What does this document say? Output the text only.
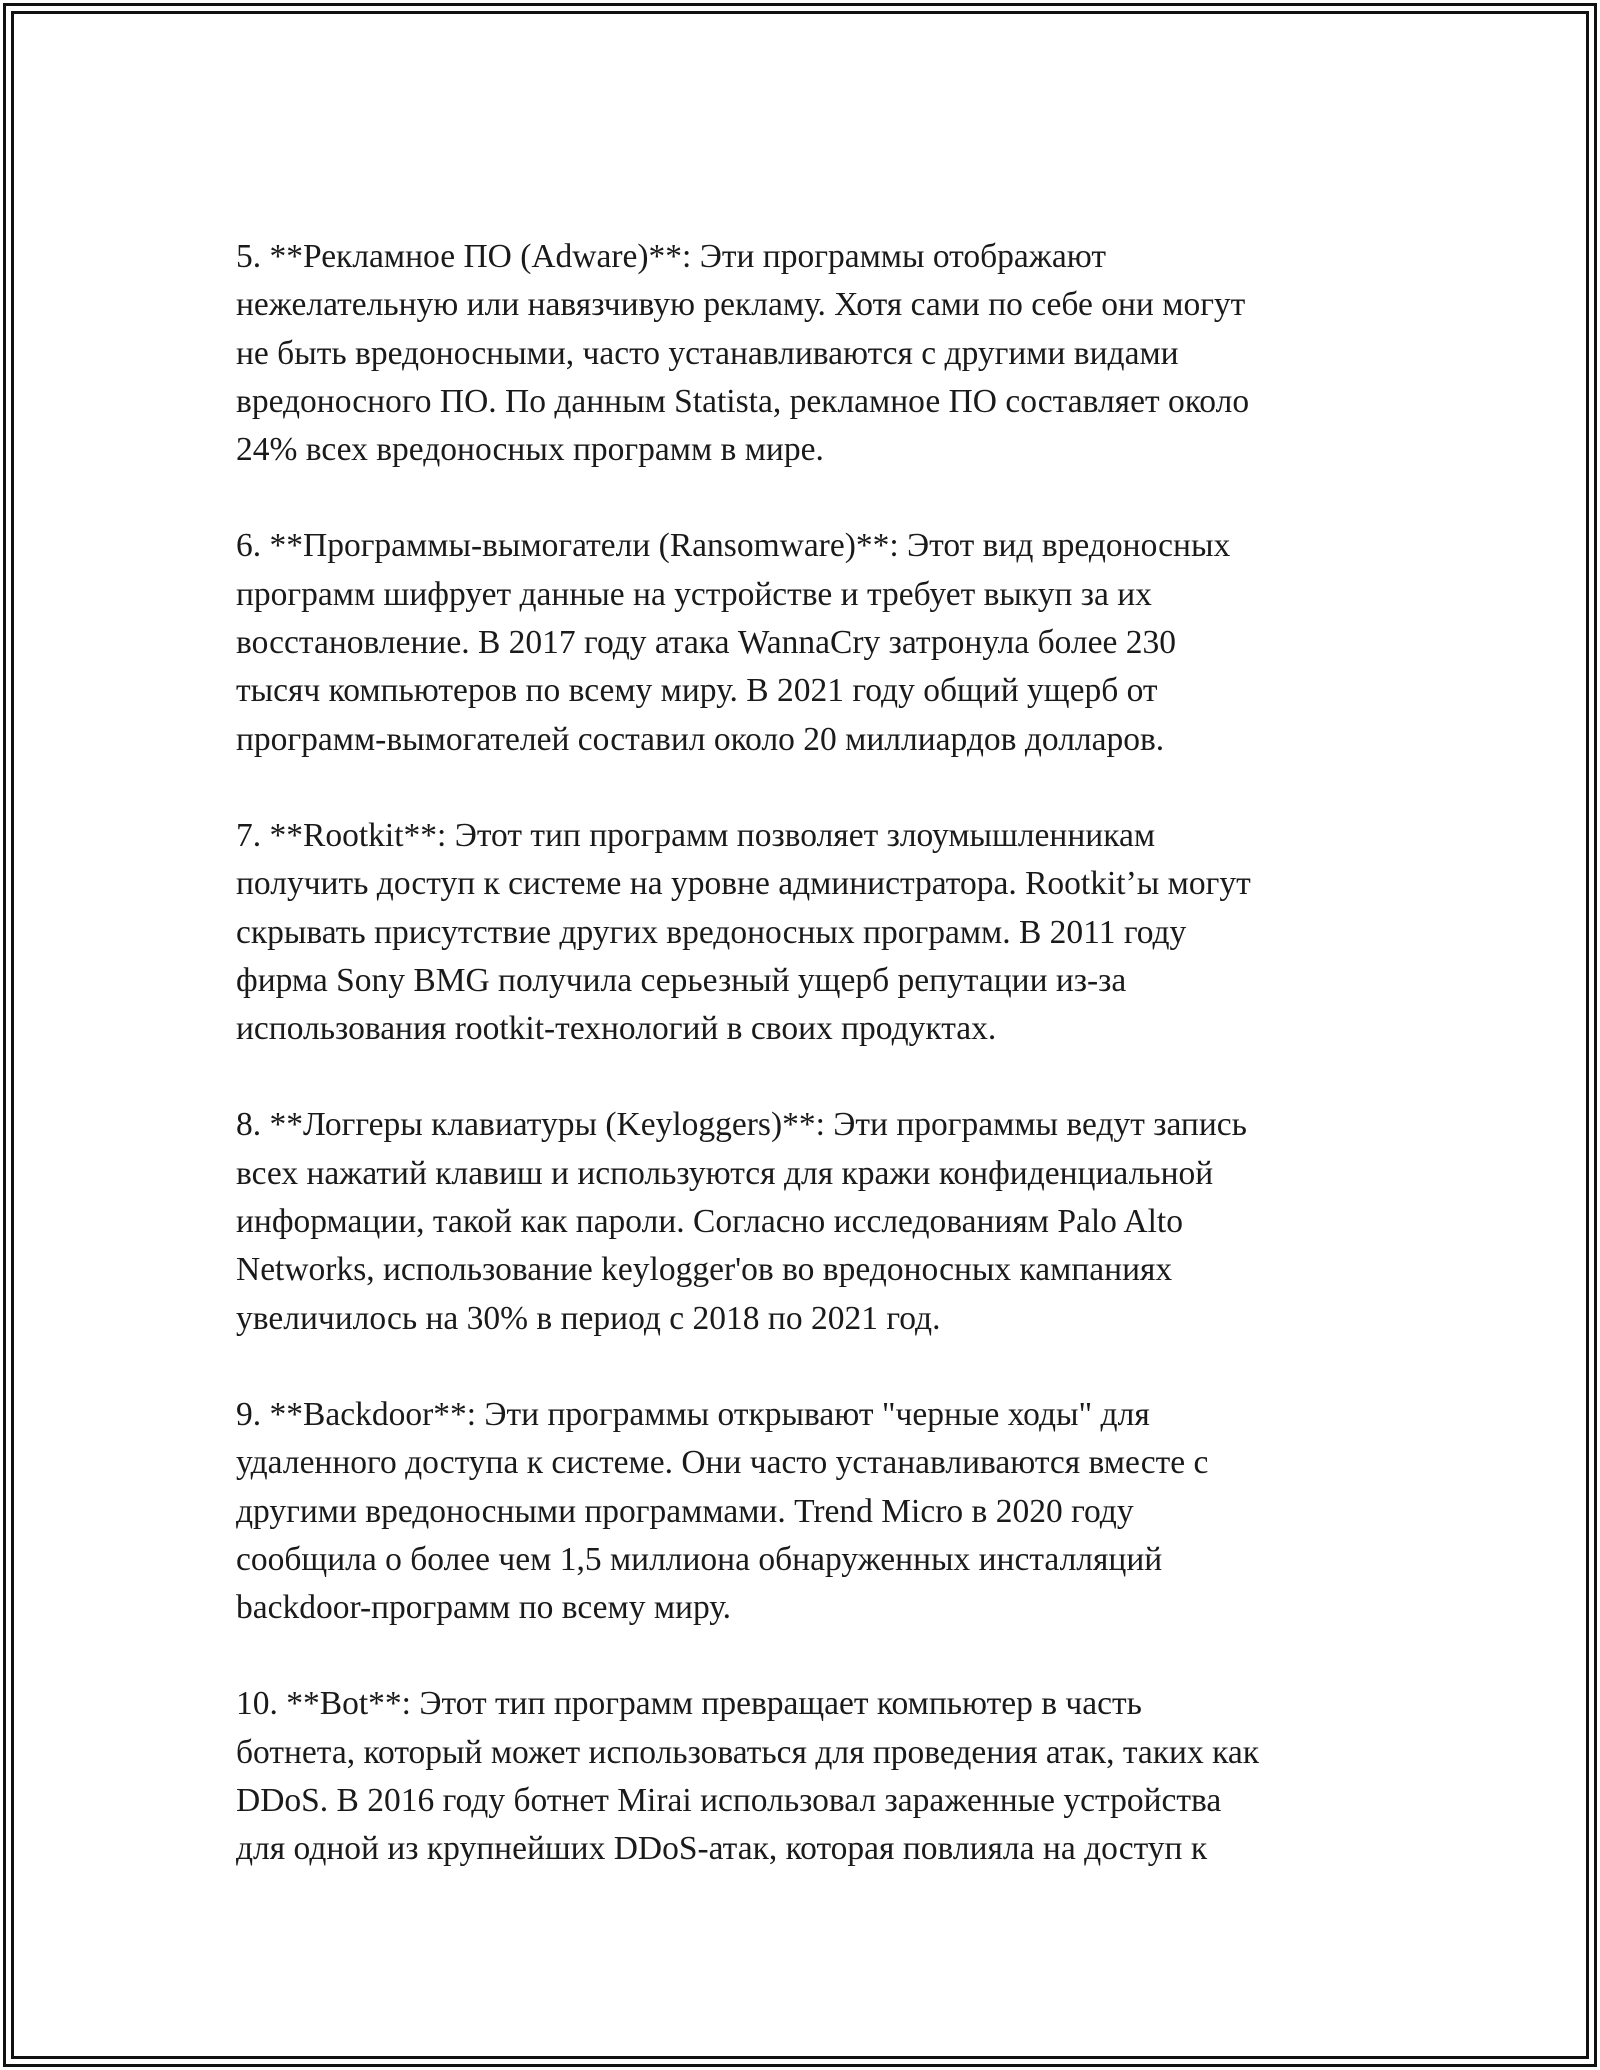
5. **Рекламное ПО (Adware)**: Эти программы отображают
нежелательную или навязчивую рекламу. Хотя сами по себе они могут
не быть вредоносными, часто устанавливаются с другими видами
вредоносного ПО. По данным Statista, рекламное ПО составляет около
24% всех вредоносных программ в мире.

6. **Программы-вымогатели (Ransomware)**: Этот вид вредоносных
программ шифрует данные на устройстве и требует выкуп за их
восстановление. В 2017 году атака WannaCry затронула более 230
тысяч компьютеров по всему миру. В 2021 году общий ущерб от
программ-вымогателей составил около 20 миллиардов долларов.

7. **Rootkit**: Этот тип программ позволяет злоумышленникам
получить доступ к системе на уровне администратора. Rootkit’ы могут
скрывать присутствие других вредоносных программ. В 2011 году
фирма Sony BMG получила серьезный ущерб репутации из-за
использования rootkit-технологий в своих продуктах.

8. **Логгеры клавиатуры (Keyloggers)**: Эти программы ведут запись
всех нажатий клавиш и используются для кражи конфиденциальной
информации, такой как пароли. Согласно исследованиям Palo Alto
Networks, использование keylogger'ов во вредоносных кампаниях
увеличилось на 30% в период с 2018 по 2021 год.

9. **Backdoor**: Эти программы открывают "черные ходы" для
удаленного доступа к системе. Они часто устанавливаются вместе с
другими вредоносными программами. Trend Micro в 2020 году
сообщила о более чем 1,5 миллиона обнаруженных инсталляций
backdoor-программ по всему миру.

10. **Bot**: Этот тип программ превращает компьютер в часть
ботнета, который может использоваться для проведения атак, таких как
DDoS. В 2016 году ботнет Mirai использовал зараженные устройства
для одной из крупнейших DDoS-атак, которая повлияла на доступ к
